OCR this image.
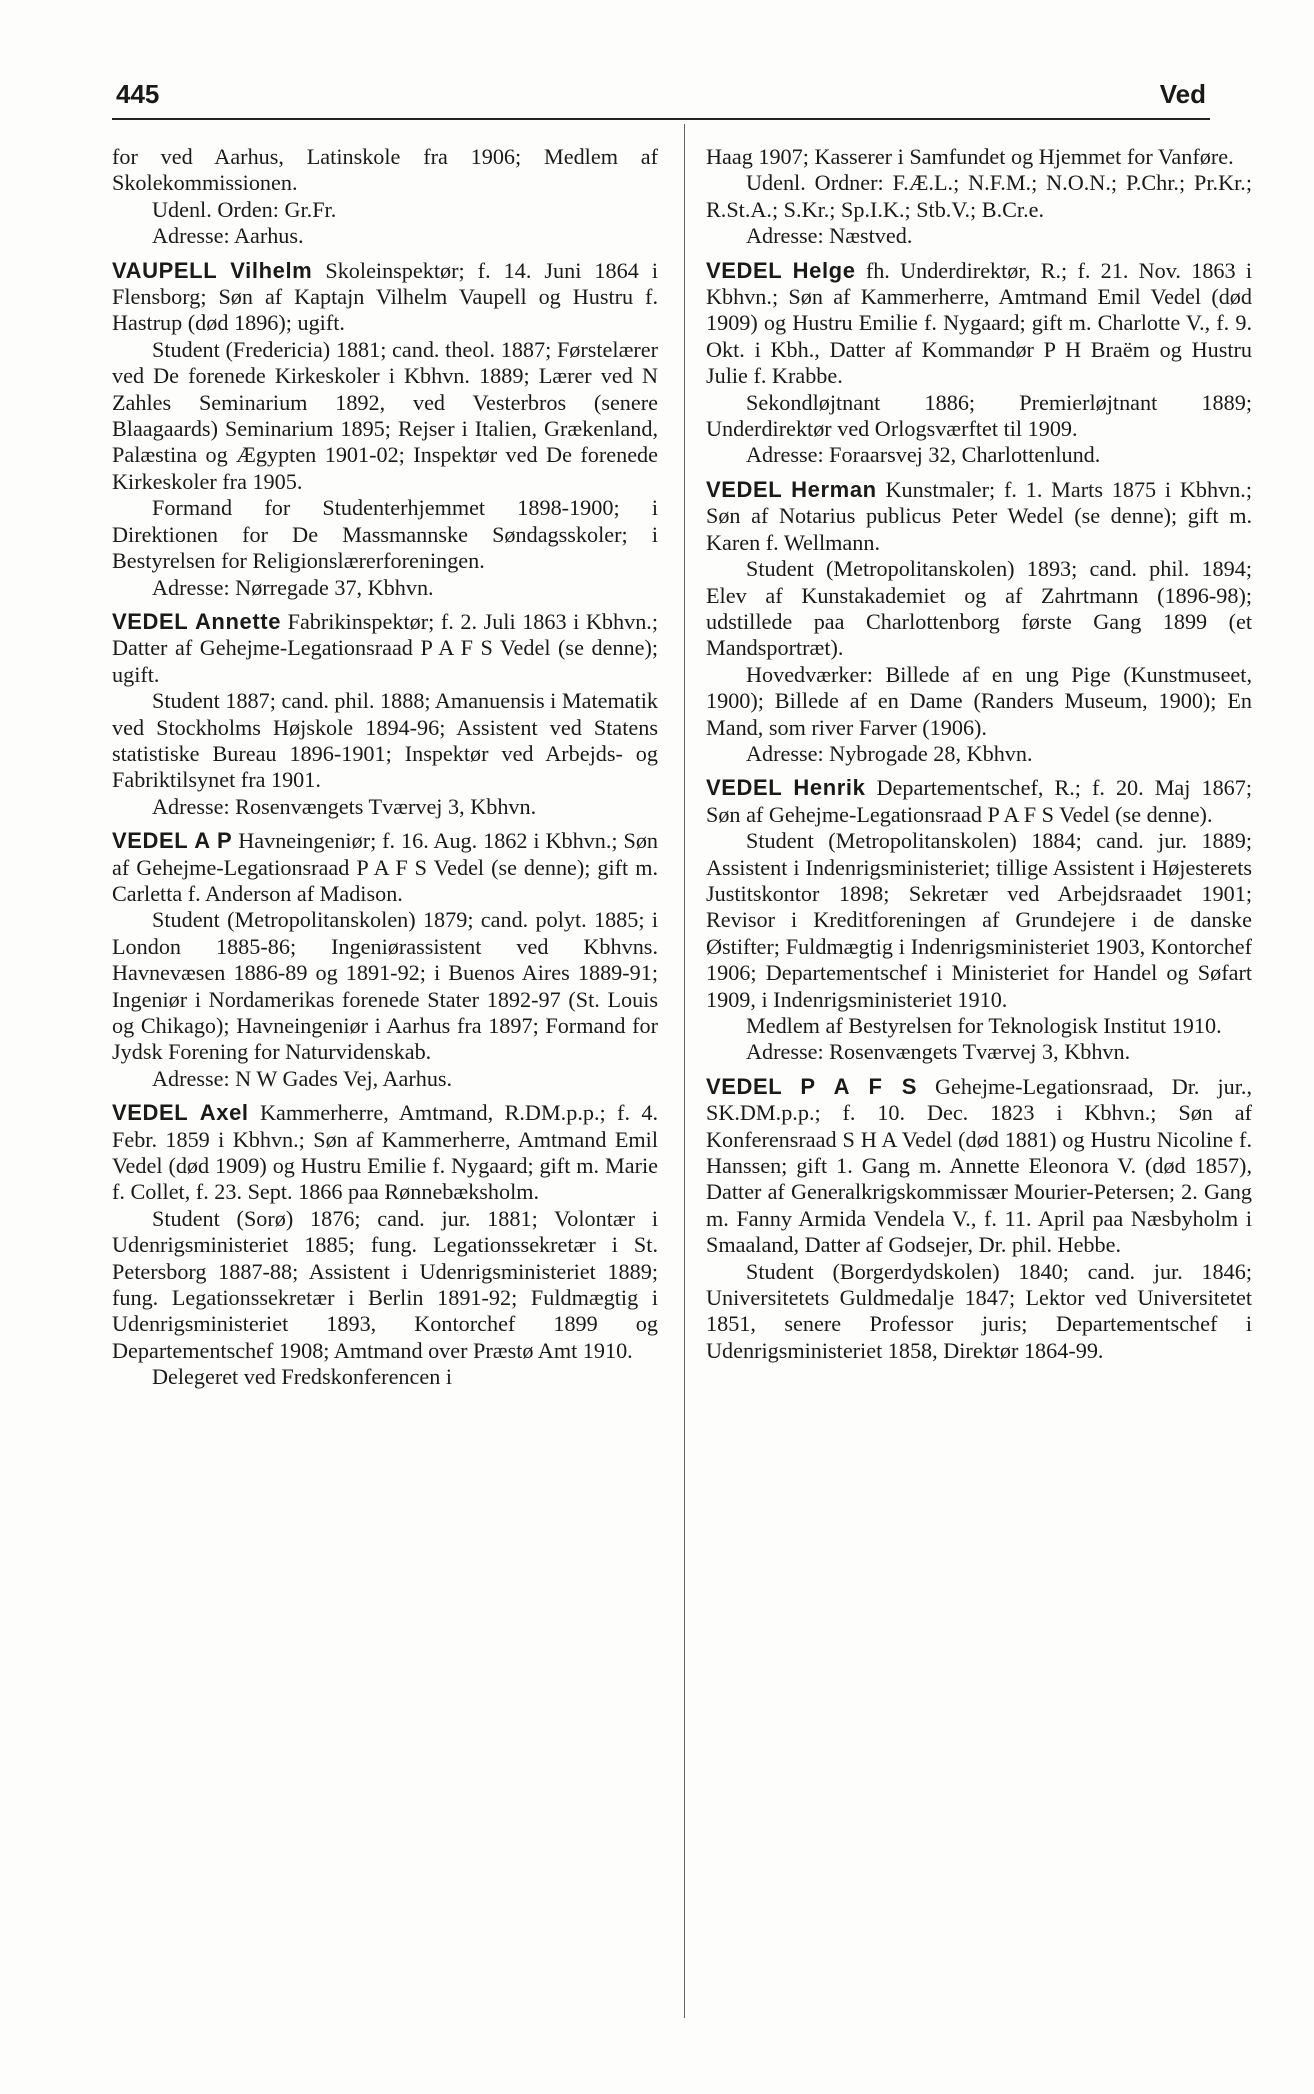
445	Ved

for ved Aarhus, Latinskole fra 1906; Medlem af Skolekommissionen.

Udenl. Orden: Gr.Fr.

Adresse: Aarhus.

VAUPELL Vilhelm Skoleinspektør; f. 14. Juni 1864 i Flensborg; Søn af Kaptajn Vilhelm Vaupell og Hustru f. Hastrup (død 1896); ugift.

Student (Fredericia) 1881; cand. theol. 1887; Førstelærer ved De forenede Kirkeskoler i Kbhvn. 1889; Lærer ved N Zahles Seminarium 1892, ved Vesterbros (senere Blaagaards) Seminarium 1895; Rejser i Italien, Grækenland, Palæstina og Ægypten 1901-02; Inspektør ved De forenede Kirkeskoler fra 1905.

Formand for Studenterhjemmet 1898-1900; i Direktionen for De Massmannske Søndagsskoler; i Bestyrelsen for Religionslærerforeningen.

Adresse: Nørregade 37, Kbhvn.

VEDEL Annette Fabrikinspektør; f. 2. Juli 1863 i Kbhvn.; Datter af Gehejme-Legationsraad P A F S Vedel (se denne); ugift.

Student 1887; cand. phil. 1888; Amanuensis i Matematik ved Stockholms Højskole 1894-96; Assistent ved Statens statistiske Bureau 1896-1901; Inspektør ved Arbejds- og Fabriktilsynet fra 1901.

Adresse: Rosenvængets Tværvej 3, Kbhvn.

VEDEL A P Havneingeniør; f. 16. Aug. 1862 i Kbhvn.; Søn af Gehejme-Legationsraad P A F S Vedel (se denne); gift m. Carletta f. Anderson af Madison.

Student (Metropolitanskolen) 1879; cand. polyt. 1885; i London 1885-86; Ingeniørassistent ved Kbhvns. Havnevæsen 1886-89 og 1891-92; i Buenos Aires 1889-91; Ingeniør i Nordamerikas forenede Stater 1892-97 (St. Louis og Chikago); Havneingeniør i Aarhus fra 1897; Formand for Jydsk Forening for Naturvidenskab.

Adresse: N W Gades Vej, Aarhus.

VEDEL Axel Kammerherre, Amtmand, R.DM.p.p.; f. 4. Febr. 1859 i Kbhvn.; Søn af Kammerherre, Amtmand Emil Vedel (død 1909) og Hustru Emilie f. Nygaard; gift m. Marie f. Collet, f. 23. Sept. 1866 paa Rønnebæksholm.

Student (Sorø) 1876; cand. jur. 1881; Volontær i Udenrigsministeriet 1885; fung. Legationssekretær i St. Petersborg 1887-88; Assistent i Udenrigsministeriet 1889; fung. Legationssekretær i Berlin 1891-92; Fuldmægtig i Udenrigsministeriet 1893, Kontorchef 1899 og Departementschef 1908; Amtmand over Præstø Amt 1910.

Delegeret ved Fredskonferencen i

Haag 1907; Kasserer i Samfundet og Hjemmet for Vanføre.

Udenl. Ordner: F.Æ.L.; N.F.M.; N.O.N.; P.Chr.; Pr.Kr.; R.St.A.; S.Kr.; Sp.I.K.; Stb.V.; B.Cr.e.

Adresse: Næstved.

VEDEL Helge fh. Underdirektør, R.; f. 21. Nov. 1863 i Kbhvn.; Søn af Kammerherre, Amtmand Emil Vedel (død 1909) og Hustru Emilie f. Nygaard; gift m. Charlotte V., f. 9. Okt. i Kbh., Datter af Kommandør P H Braëm og Hustru Julie f. Krabbe.

Sekondløjtnant 1886; Premierløjtnant 1889; Underdirektør ved Orlogsværftet til 1909.

Adresse: Foraarsvej 32, Charlottenlund.

VEDEL Herman Kunstmaler; f. 1. Marts 1875 i Kbhvn.; Søn af Notarius publicus Peter Wedel (se denne); gift m. Karen f. Wellmann.

Student (Metropolitanskolen) 1893; cand. phil. 1894; Elev af Kunstakademiet og af Zahrtmann (1896-98); udstillede paa Charlottenborg første Gang 1899 (et Mandsportræt).

Hovedværker: Billede af en ung Pige (Kunstmuseet, 1900); Billede af en Dame (Randers Museum, 1900); En Mand, som river Farver (1906).

Adresse: Nybrogade 28, Kbhvn.

VEDEL Henrik Departementschef, R.; f. 20. Maj 1867; Søn af Gehejme-Legationsraad P A F S Vedel (se denne).

Student (Metropolitanskolen) 1884; cand. jur. 1889; Assistent i Indenrigsministeriet; tillige Assistent i Højesterets Justitskontor 1898; Sekretær ved Arbejdsraadet 1901; Revisor i Kreditforeningen af Grundejere i de danske Østifter; Fuldmægtig i Indenrigsministeriet 1903, Kontorchef 1906; Departementschef i Ministeriet for Handel og Søfart 1909, i Indenrigsministeriet 1910.

Medlem af Bestyrelsen for Teknologisk Institut 1910.

Adresse: Rosenvængets Tværvej 3, Kbhvn.

VEDEL P A F S Gehejme-Legationsraad, Dr. jur., SK.DM.p.p.; f. 10. Dec. 1823 i Kbhvn.; Søn af Konferensraad S H A Vedel (død 1881) og Hustru Nicoline f. Hanssen; gift 1. Gang m. Annette Eleonora V. (død 1857), Datter af Generalkrigskommissær Mourier-Petersen; 2. Gang m. Fanny Armida Vendela V., f. 11. April paa Næsbyholm i Smaaland, Datter af Godsejer, Dr. phil. Hebbe.

Student (Borgerdydskolen) 1840; cand. jur. 1846; Universitetets Guldmedalje 1847; Lektor ved Universitetet 1851, senere Professor juris; Departementschef i Udenrigsministeriet 1858, Direktør 1864-99.
